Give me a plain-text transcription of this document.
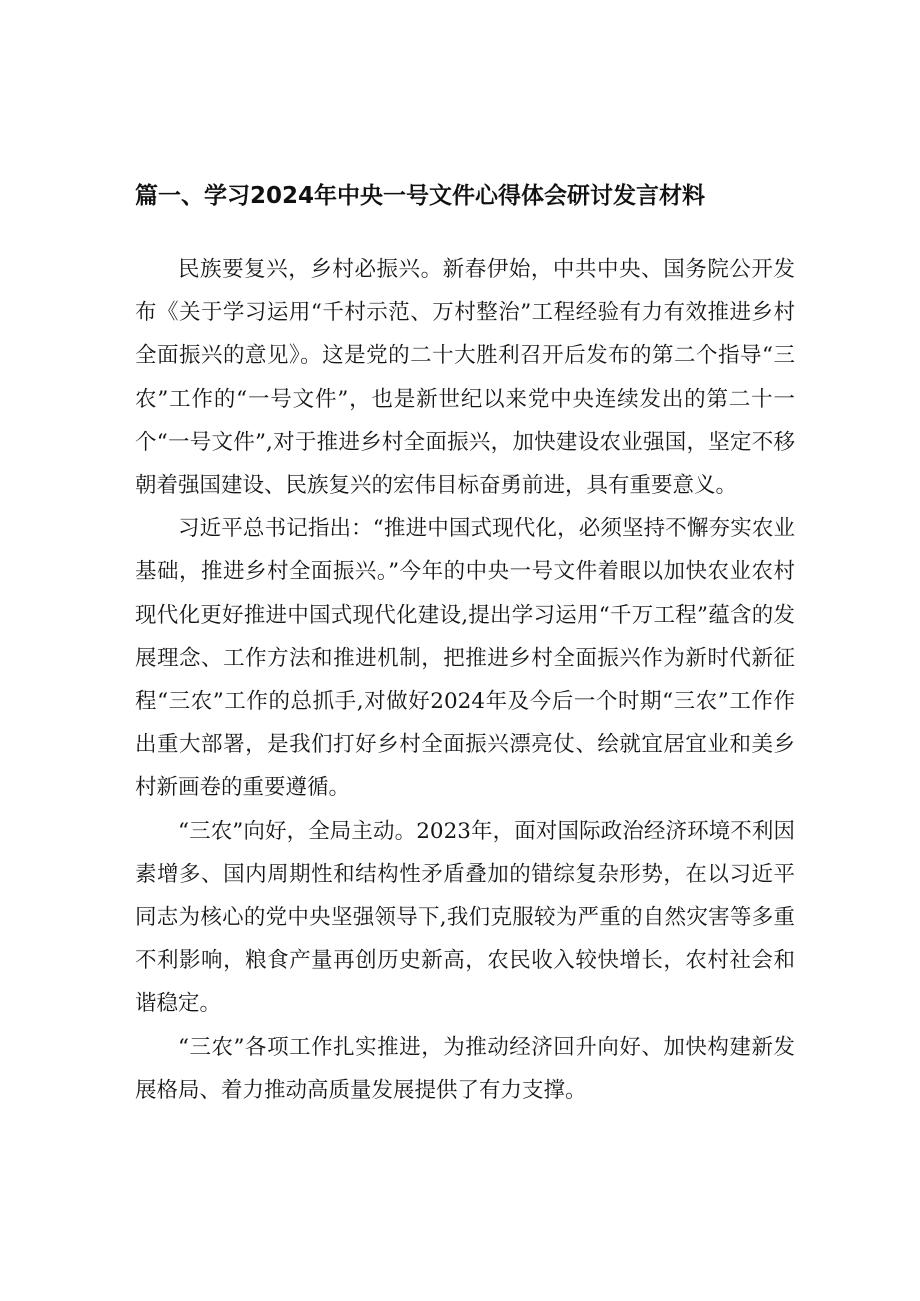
篇一、学习2024年中央一号文件心得体会研讨发言材料

民族要复兴，乡村必振兴。新春伊始，中共中央、国务院公开发布《关于学习运用“千村示范、万村整治”工程经验有力有效推进乡村全面振兴的意见》。这是党的二十大胜利召开后发布的第二个指导“三农”工作的“一号文件”，也是新世纪以来党中央连续发出的第二十一个“一号文件”,对于推进乡村全面振兴，加快建设农业强国，坚定不移朝着强国建设、民族复兴的宏伟目标奋勇前进，具有重要意义。

习近平总书记指出：“推进中国式现代化，必须坚持不懈夯实农业基础，推进乡村全面振兴。”今年的中央一号文件着眼以加快农业农村现代化更好推进中国式现代化建设,提出学习运用“千万工程”蕴含的发展理念、工作方法和推进机制，把推进乡村全面振兴作为新时代新征程“三农”工作的总抓手,对做好2024年及今后一个时期“三农”工作作出重大部署，是我们打好乡村全面振兴漂亮仗、绘就宜居宜业和美乡村新画卷的重要遵循。

“三农”向好，全局主动。2023年，面对国际政治经济环境不利因素增多、国内周期性和结构性矛盾叠加的错综复杂形势，在以习近平同志为核心的党中央坚强领导下,我们克服较为严重的自然灾害等多重不利影响，粮食产量再创历史新高，农民收入较快增长，农村社会和谐稳定。

“三农”各项工作扎实推进，为推动经济回升向好、加快构建新发展格局、着力推动高质量发展提供了有力支撑。
